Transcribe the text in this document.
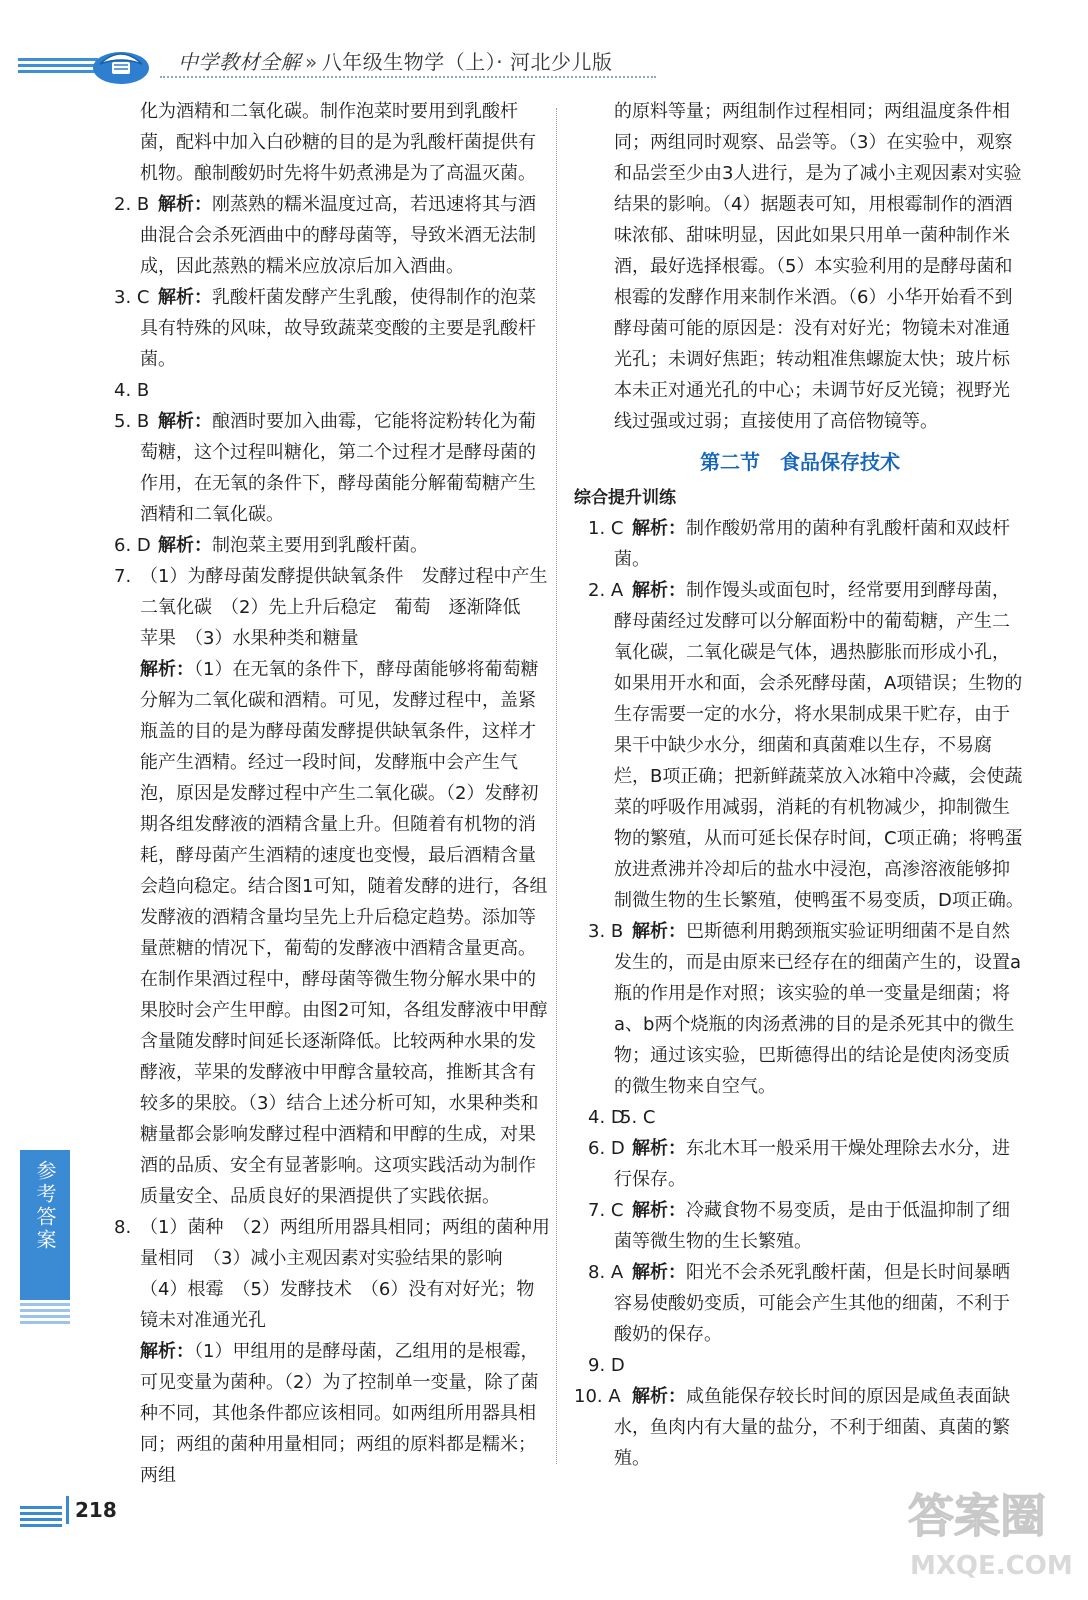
中学教材全解 » 八年级生物学（上）· 河北少儿版

化为酒精和二氧化碳。制作泡菜时要用到乳酸杆菌，配料中加入白砂糖的目的是为乳酸杆菌提供有机物。酿制酸奶时先将牛奶煮沸是为了高温灭菌。

2. B 解析：刚蒸熟的糯米温度过高，若迅速将其与酒曲混合会杀死酒曲中的酵母菌等，导致米酒无法制成，因此蒸熟的糯米应放凉后加入酒曲。

3. C 解析：乳酸杆菌发酵产生乳酸，使得制作的泡菜具有特殊的风味，故导致蔬菜变酸的主要是乳酸杆菌。

4. B

5. B 解析：酿酒时要加入曲霉，它能将淀粉转化为葡萄糖，这个过程叫糖化，第二个过程才是酵母菌的作用，在无氧的条件下，酵母菌能分解葡萄糖产生酒精和二氧化碳。

6. D 解析：制泡菜主要用到乳酸杆菌。

7. （1）为酵母菌发酵提供缺氧条件　发酵过程中产生二氧化碳　（2）先上升后稳定　葡萄　逐渐降低

苹果　（3）水果种类和糖量

解析：（1）在无氧的条件下，酵母菌能够将葡萄糖分解为二氧化碳和酒精。可见，发酵过程中，盖紧瓶盖的目的是为酵母菌发酵提供缺氧条件，这样才能产生酒精。经过一段时间，发酵瓶中会产生气泡，原因是发酵过程中产生二氧化碳。（2）发酵初期各组发酵液的酒精含量上升。但随着有机物的消耗，酵母菌产生酒精的速度也变慢，最后酒精含量会趋向稳定。结合图1可知，随着发酵的进行，各组发酵液的酒精含量均呈先上升后稳定趋势。添加等量蔗糖的情况下，葡萄的发酵液中酒精含量更高。在制作果酒过程中，酵母菌等微生物分解水果中的果胶时会产生甲醇。由图2可知，各组发酵液中甲醇含量随发酵时间延长逐渐降低。比较两种水果的发酵液，苹果的发酵液中甲醇含量较高，推断其含有较多的果胶。（3）结合上述分析可知，水果种类和糖量都会影响发酵过程中酒精和甲醇的生成，对果酒的品质、安全有显著影响。这项实践活动为制作质量安全、品质良好的果酒提供了实践依据。

8. （1）菌种　（2）两组所用器具相同；两组的菌种用量相同　（3）减小主观因素对实验结果的影响

（4）根霉　（5）发酵技术　（6）没有对好光；物镜未对准通光孔

解析：（1）甲组用的是酵母菌，乙组用的是根霉，可见变量为菌种。（2）为了控制单一变量，除了菌种不同，其他条件都应该相同。如两组所用器具相同；两组的菌种用量相同；两组的原料都是糯米；两组

的原料等量；两组制作过程相同；两组温度条件相同；两组同时观察、品尝等。（3）在实验中，观察和品尝至少由3人进行，是为了减小主观因素对实验结果的影响。（4）据题表可知，用根霉制作的酒酒味浓郁、甜味明显，因此如果只用单一菌种制作米酒，最好选择根霉。（5）本实验利用的是酵母菌和根霉的发酵作用来制作米酒。（6）小华开始看不到酵母菌可能的原因是：没有对好光；物镜未对准通光孔；未调好焦距；转动粗准焦螺旋太快；玻片标本未正对通光孔的中心；未调节好反光镜；视野光线过强或过弱；直接使用了高倍物镜等。

第二节　食品保存技术

综合提升训练

1. C 解析：制作酸奶常用的菌种有乳酸杆菌和双歧杆菌。

2. A 解析：制作馒头或面包时，经常要用到酵母菌，酵母菌经过发酵可以分解面粉中的葡萄糖，产生二氧化碳，二氧化碳是气体，遇热膨胀而形成小孔，如果用开水和面，会杀死酵母菌，A项错误；生物的生存需要一定的水分，将水果制成果干贮存，由于果干中缺少水分，细菌和真菌难以生存，不易腐烂，B项正确；把新鲜蔬菜放入冰箱中冷藏，会使蔬菜的呼吸作用减弱，消耗的有机物减少，抑制微生物的繁殖，从而可延长保存时间，C项正确；将鸭蛋放进煮沸并冷却后的盐水中浸泡，高渗溶液能够抑制微生物的生长繁殖，使鸭蛋不易变质，D项正确。

3. B 解析：巴斯德利用鹅颈瓶实验证明细菌不是自然发生的，而是由原来已经存在的细菌产生的，设置a瓶的作用是作对照；该实验的单一变量是细菌；将a、b两个烧瓶的肉汤煮沸的目的是杀死其中的微生物；通过该实验，巴斯德得出的结论是使肉汤变质的微生物来自空气。

4. D
5. C

6. D 解析：东北木耳一般采用干燥处理除去水分，进行保存。

7. C 解析：冷藏食物不易变质，是由于低温抑制了细菌等微生物的生长繁殖。

8. A 解析：阳光不会杀死乳酸杆菌，但是长时间暴晒容易使酸奶变质，可能会产生其他的细菌，不利于酸奶的保存。

9. D

10. A 解析：咸鱼能保存较长时间的原因是咸鱼表面缺水，鱼肉内有大量的盐分，不利于细菌、真菌的繁殖。

参考答案
218	答案圈
MXQE.COM
